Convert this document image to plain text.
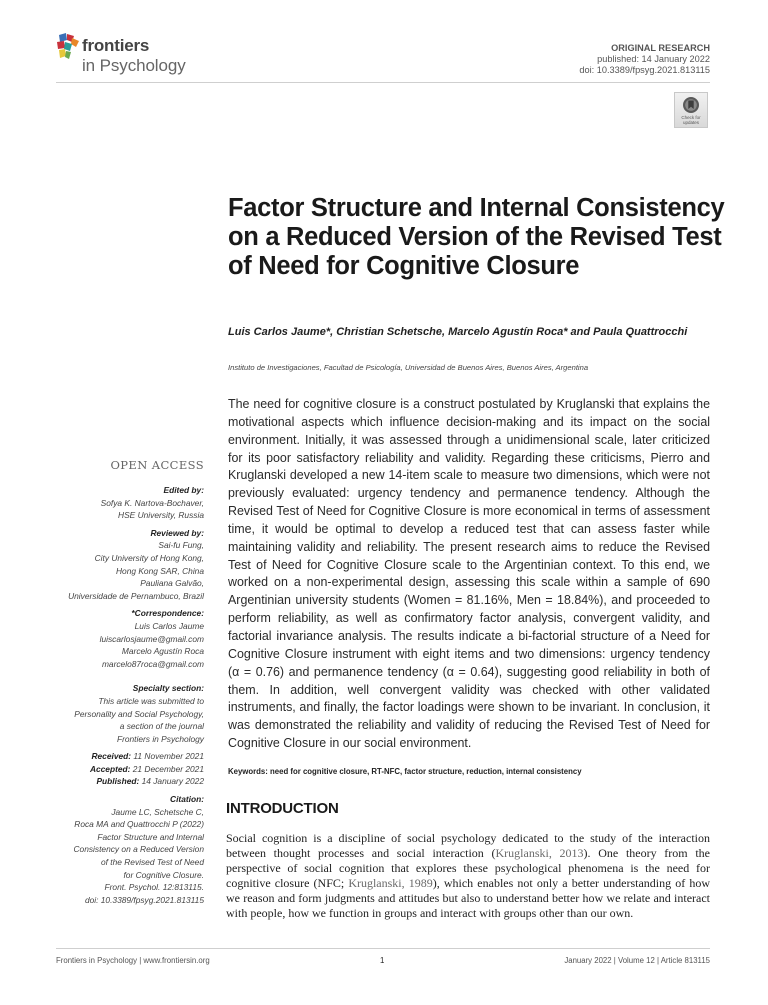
frontiers
in Psychology
ORIGINAL RESEARCH
published: 14 January 2022
doi: 10.3389/fpsyg.2021.813115
Check for updates
Factor Structure and Internal Consistency on a Reduced Version of the Revised Test of Need for Cognitive Closure
Luis Carlos Jaume*, Christian Schetsche, Marcelo Agustín Roca* and Paula Quattrocchi
Instituto de Investigaciones, Facultad de Psicología, Universidad de Buenos Aires, Buenos Aires, Argentina

The need for cognitive closure is a construct postulated by Kruglanski that explains the motivational aspects which influence decision-making and its impact on the social environment. Initially, it was assessed through a unidimensional scale, later criticized for its poor satisfactory reliability and validity. Regarding these criticisms, Pierro and Kruglanski developed a new 14-item scale to measure two dimensions, which were not previously evaluated: urgency tendency and permanence tendency. Although the Revised Test of Need for Cognitive Closure is more economical in terms of assessment time, it would be optimal to develop a reduced test that can assess faster while maintaining validity and reliability. The present research aims to reduce the Revised Test of Need for Cognitive Closure scale to the Argentinian context. To this end, we worked on a non-experimental design, assessing this scale within a sample of 690 Argentinian university students (Women = 81.16%, Men = 18.84%), and proceeded to perform reliability, as well as confirmatory factor analysis, convergent validity, and factorial invariance analysis. The results indicate a bi-factorial structure of a Need for Cognitive Closure instrument with eight items and two dimensions: urgency tendency (α = 0.76) and permanence tendency (α = 0.64), suggesting good reliability in both of them. In addition, well convergent validity was checked with other validated instruments, and finally, the factor loadings were shown to be invariant. In conclusion, it was demonstrated the reliability and validity of reducing the Revised Test of Need for Cognitive Closure in our social environment.

Keywords: need for cognitive closure, RT-NFC, factor structure, reduction, internal consistency
INTRODUCTION

Social cognition is a discipline of social psychology dedicated to the study of the interaction between thought processes and social interaction (Kruglanski, 2013). One theory from the perspective of social cognition that explores these psychological phenomena is the need for cognitive closure (NFC; Kruglanski, 1989), which enables not only a better understanding of how we reason and form judgments and attitudes but also to understand better how we relate and interact with people, how we function in groups and interact with groups other than our own.

OPEN ACCESS
Edited by:
Sofya K. Nartova-Bochaver,
HSE University, Russia
Reviewed by:
Sai-fu Fung,
City University of Hong Kong,
Hong Kong SAR, China
Pauliana Galvão,
Universidade de Pernambuco, Brazil
*Correspondence:
Luis Carlos Jaume
luiscarlosjaume@gmail.com
Marcelo Agustín Roca
marcelo87roca@gmail.com
Specialty section:
This article was submitted to
Personality and Social Psychology,
a section of the journal
Frontiers in Psychology
Received: 11 November 2021
Accepted: 21 December 2021
Published: 14 January 2022
Citation:
Jaume LC, Schetsche C,
Roca MA and Quattrocchi P (2022)
Factor Structure and Internal
Consistency on a Reduced Version
of the Revised Test of Need
for Cognitive Closure.
Front. Psychol. 12:813115.
doi: 10.3389/fpsyg.2021.813115
Frontiers in Psychology | www.frontiersin.org	1	January 2022 | Volume 12 | Article 813115
